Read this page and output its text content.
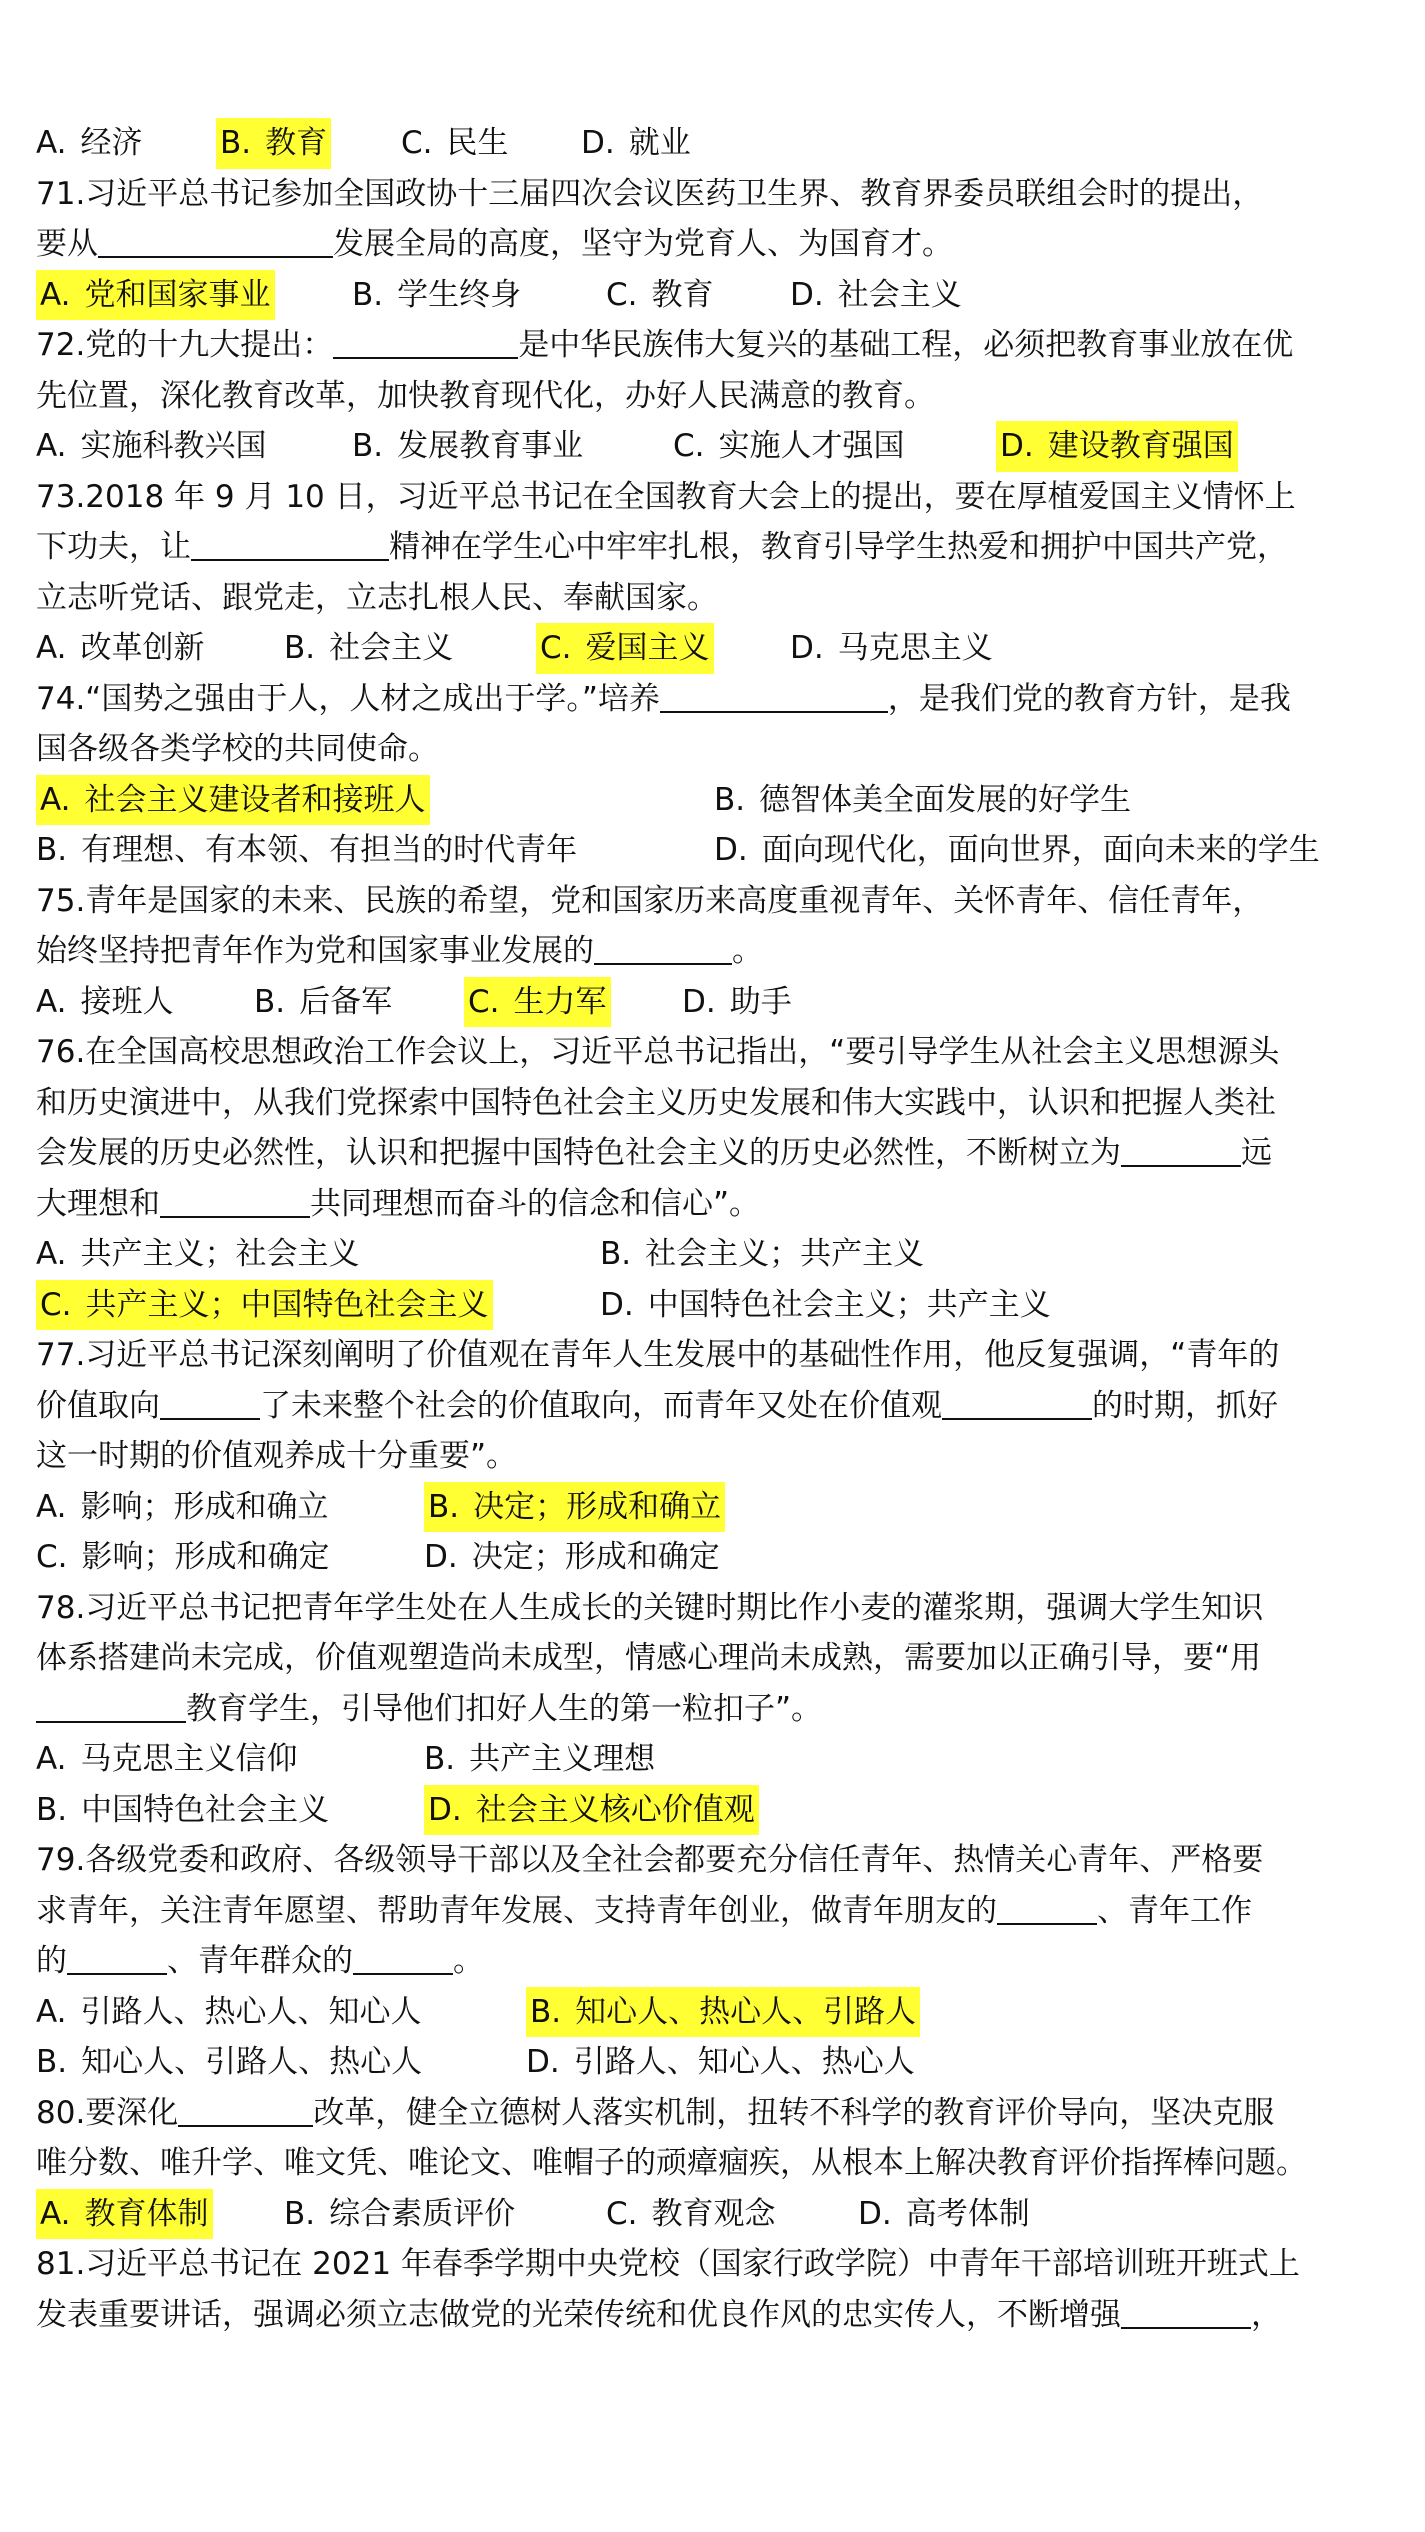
A. 经济 B. 教育 C. 民生 D. 就业
71.习近平总书记参加全国政协十三届四次会议医药卫生界、教育界委员联组会时的提出，
要从	发展全局的高度，坚守为党育人、为国育才。
A. 党和国家事业	B. 学生终身	C. 教育 D. 社会主义
72.党的十九大提出：	是中华民族伟大复兴的基础工程，必须把教育事业放在优
先位置，深化教育改革，加快教育现代化，办好人民满意的教育。
A. 实施科教兴国	B. 发展教育事业	C. 实施人才强国	D. 建设教育强国
73.2018 年 9 月 10 日，习近平总书记在全国教育大会上的提出，要在厚植爱国主义情怀上
下功夫，让	精神在学生心中牢牢扎根，教育引导学生热爱和拥护中国共产党，
立志听党话、跟党走，立志扎根人民、奉献国家。
A. 改革创新	B. 社会主义	C. 爱国主义	D. 马克思主义
74.“国势之强由于人，人材之成出于学。”培养	，是我们党的教育方针，是我
国各级各类学校的共同使命。
A. 社会主义建设者和接班人	B. 德智体美全面发展的好学生
B. 有理想、有本领、有担当的时代青年	D. 面向现代化，面向世界，面向未来的学生
75.青年是国家的未来、民族的希望，党和国家历来高度重视青年、关怀青年、信任青年，
始终坚持把青年作为党和国家事业发展的	。
A. 接班人	B. 后备军 C. 生力军 D. 助手
76.在全国高校思想政治工作会议上，习近平总书记指出，“要引导学生从社会主义思想源头
和历史演进中，从我们党探索中国特色社会主义历史发展和伟大实践中，认识和把握人类社
会发展的历史必然性，认识和把握中国特色社会主义的历史必然性，不断树立为	远
大理想和	共同理想而奋斗的信念和信心”。
A. 共产主义；社会主义	B. 社会主义；共产主义
C. 共产主义；中国特色社会主义	D. 中国特色社会主义；共产主义
77.习近平总书记深刻阐明了价值观在青年人生发展中的基础性作用，他反复强调，“青年的
价值取向	了未来整个社会的价值取向，而青年又处在价值观	的时期，抓好
这一时期的价值观养成十分重要”。
A. 影响；形成和确立	B. 决定；形成和确立
C. 影响；形成和确定	D. 决定；形成和确定
78.习近平总书记把青年学生处在人生成长的关键时期比作小麦的灌浆期，强调大学生知识
体系搭建尚未完成，价值观塑造尚未成型，情感心理尚未成熟，需要加以正确引导，要“用
教育学生，引导他们扣好人生的第一粒扣子”。
A. 马克思主义信仰	B. 共产主义理想
B. 中国特色社会主义	D. 社会主义核心价值观
79.各级党委和政府、各级领导干部以及全社会都要充分信任青年、热情关心青年、严格要
求青年，关注青年愿望、帮助青年发展、支持青年创业，做青年朋友的	、青年工作
的	、青年群众的	。
A. 引路人、热心人、知心人	B. 知心人、热心人、引路人
B. 知心人、引路人、热心人	D. 引路人、知心人、热心人
80.要深化	改革，健全立德树人落实机制，扭转不科学的教育评价导向，坚决克服
唯分数、唯升学、唯文凭、唯论文、唯帽子的顽瘴痼疾，从根本上解决教育评价指挥棒问题。
A. 教育体制 B. 综合素质评价	C. 教育观念	D. 高考体制
81.习近平总书记在 2021 年春季学期中央党校（国家行政学院）中青年干部培训班开班式上
发表重要讲话，强调必须立志做党的光荣传统和优良作风的忠实传人，不断增强	，
